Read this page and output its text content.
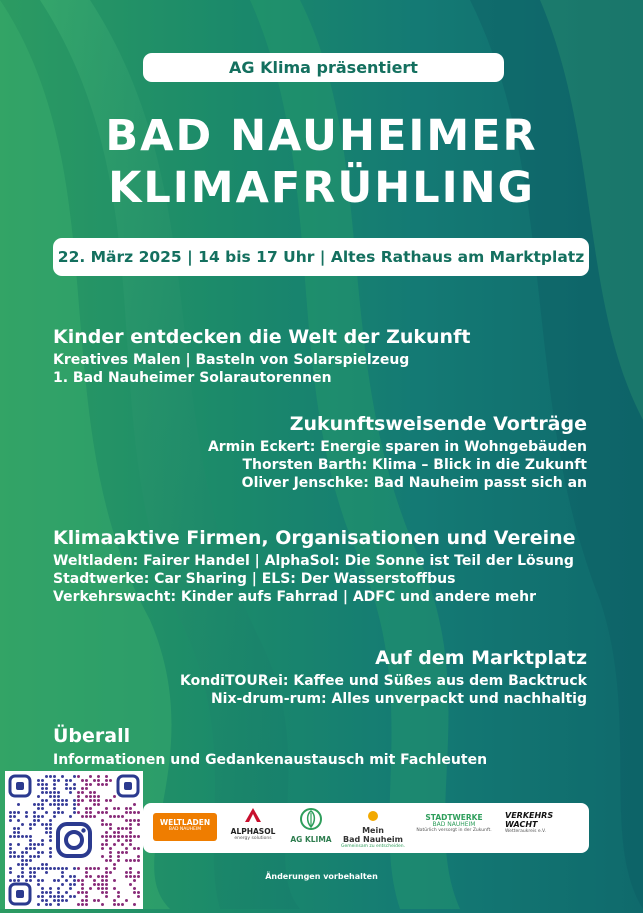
AG Klima präsentiert
BAD NAUHEIMER
KLIMAFRÜHLING
22. März 2025 | 14 bis 17 Uhr | Altes Rathaus am Marktplatz
Kinder entdecken die Welt der Zukunft
Kreatives Malen | Basteln von Solarspielzeug
1. Bad Nauheimer Solarautorennen
Zukunftsweisende Vorträge
Armin Eckert: Energie sparen in Wohngebäuden
Thorsten Barth: Klima – Blick in die Zukunft
Oliver Jenschke: Bad Nauheim passt sich an
Klimaaktive Firmen, Organisationen und Vereine
Weltladen: Fairer Handel | AlphaSol: Die Sonne ist Teil der Lösung
Stadtwerke: Car Sharing | ELS: Der Wasserstoffbus
Verkehrswacht: Kinder aufs Fahrrad | ADFC und andere mehr
Auf dem Marktplatz
KondiTOURei: Kaffee und Süßes aus dem Backtruck
Nix-drum-rum: Alles unverpackt und nachhaltig
Überall
Informationen und Gedankenaustausch mit Fachleuten
WELTLADEN
BAD NAUHEIM	ALPHASOL
energy solutions	AG KLIMA
Mein
Bad Nauheim
Gemeinsam zu entscheiden.
STADTWERKE
BAD NAUHEIM
Natürlich versorgt in der Zukunft.
VERKEHRS
WACHT
Wetteraukreis e.V.
Änderungen vorbehalten
